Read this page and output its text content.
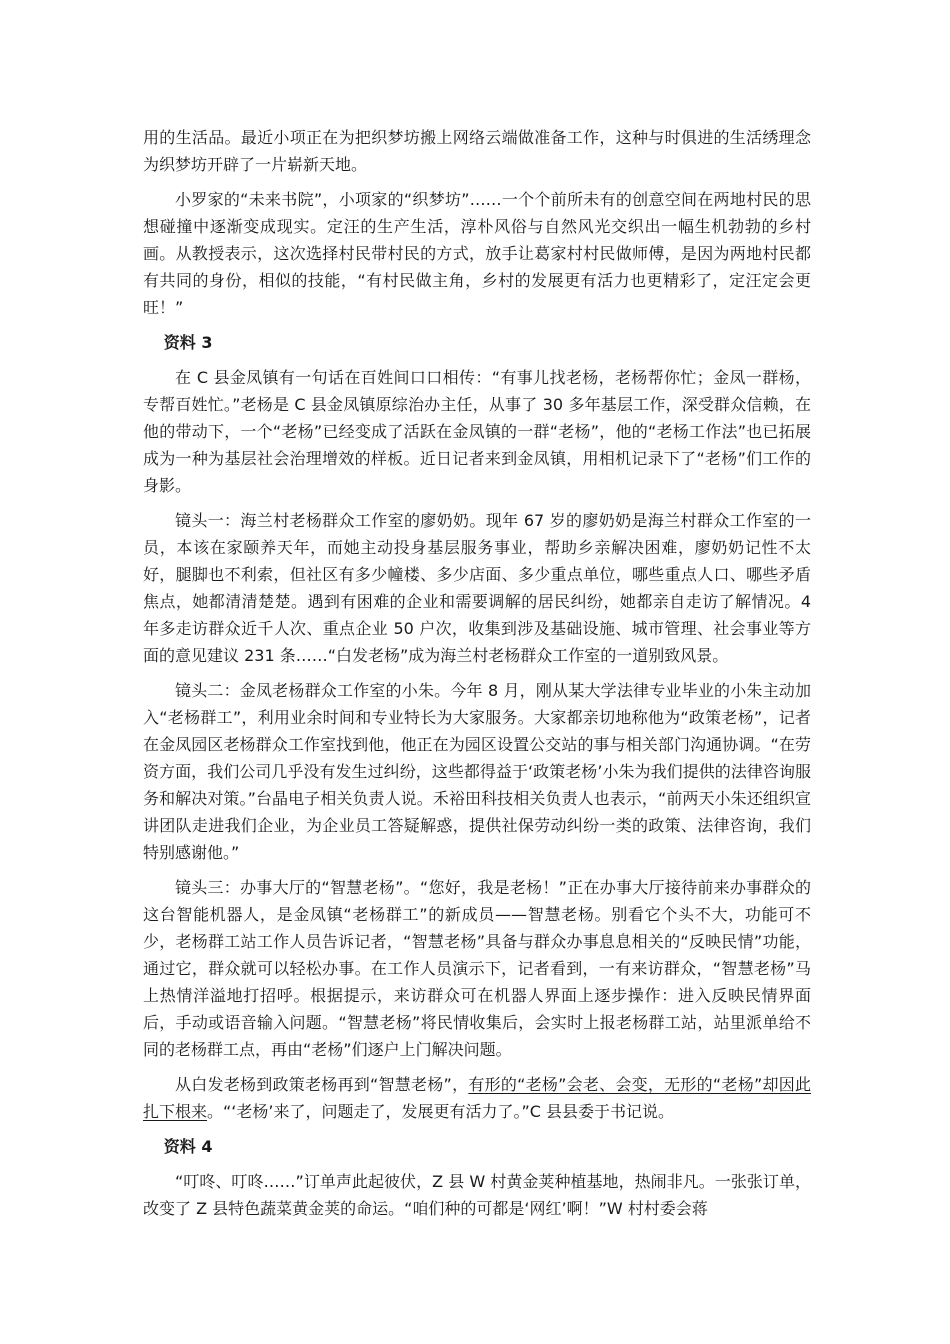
用的生活品。最近小项正在为把织梦坊搬上网络云端做准备工作，这种与时俱进的生活绣理念为织梦坊开辟了一片崭新天地。

小罗家的“未来书院”，小项家的“织梦坊”……一个个前所未有的创意空间在两地村民的思想碰撞中逐渐变成现实。定汪的生产生活，淳朴风俗与自然风光交织出一幅生机勃勃的乡村画。从教授表示，这次选择村民带村民的方式，放手让葛家村村民做师傅，是因为两地村民都有共同的身份，相似的技能，“有村民做主角，乡村的发展更有活力也更精彩了，定汪定会更旺！”

资料 3

在 C 县金凤镇有一句话在百姓间口口相传：“有事儿找老杨，老杨帮你忙；金凤一群杨，专帮百姓忙。”老杨是 C 县金凤镇原综治办主任，从事了 30 多年基层工作，深受群众信赖，在他的带动下，一个“老杨”已经变成了活跃在金凤镇的一群“老杨”，他的“老杨工作法”也已拓展成为一种为基层社会治理增效的样板。近日记者来到金凤镇，用相机记录下了“老杨”们工作的身影。

镜头一：海兰村老杨群众工作室的廖奶奶。现年 67 岁的廖奶奶是海兰村群众工作室的一员，本该在家颐养天年，而她主动投身基层服务事业，帮助乡亲解决困难，廖奶奶记性不太好，腿脚也不利索，但社区有多少幢楼、多少店面、多少重点单位，哪些重点人口、哪些矛盾焦点，她都清清楚楚。遇到有困难的企业和需要调解的居民纠纷，她都亲自走访了解情况。4 年多走访群众近千人次、重点企业 50 户次，收集到涉及基础设施、城市管理、社会事业等方面的意见建议 231 条……“白发老杨”成为海兰村老杨群众工作室的一道别致风景。

镜头二：金凤老杨群众工作室的小朱。今年 8 月，刚从某大学法律专业毕业的小朱主动加入“老杨群工”，利用业余时间和专业特长为大家服务。大家都亲切地称他为“政策老杨”，记者在金凤园区老杨群众工作室找到他，他正在为园区设置公交站的事与相关部门沟通协调。“在劳资方面，我们公司几乎没有发生过纠纷，这些都得益于‘政策老杨’小朱为我们提供的法律咨询服务和解决对策。”台晶电子相关负责人说。禾裕田科技相关负责人也表示，“前两天小朱还组织宣讲团队走进我们企业，为企业员工答疑解惑，提供社保劳动纠纷一类的政策、法律咨询，我们特别感谢他。”

镜头三：办事大厅的“智慧老杨”。“您好，我是老杨！”正在办事大厅接待前来办事群众的这台智能机器人，是金凤镇“老杨群工”的新成员——智慧老杨。别看它个头不大，功能可不少，老杨群工站工作人员告诉记者，“智慧老杨”具备与群众办事息息相关的“反映民情”功能，通过它，群众就可以轻松办事。在工作人员演示下，记者看到，一有来访群众，“智慧老杨”马上热情洋溢地打招呼。根据提示，来访群众可在机器人界面上逐步操作：进入反映民情界面后，手动或语音输入问题。“智慧老杨”将民情收集后，会实时上报老杨群工站，站里派单给不同的老杨群工点，再由“老杨”们逐户上门解决问题。

从白发老杨到政策老杨再到“智慧老杨”，有形的“老杨”会老、会变，无形的“老杨”却因此扎下根来。“‘老杨’来了，问题走了，发展更有活力了。”C 县县委于书记说。

资料 4

“叮咚、叮咚……”订单声此起彼伏，Z 县 W 村黄金荚种植基地，热闹非凡。一张张订单，改变了 Z 县特色蔬菜黄金荚的命运。“咱们种的可都是‘网红’啊！”W 村村委会蒋
